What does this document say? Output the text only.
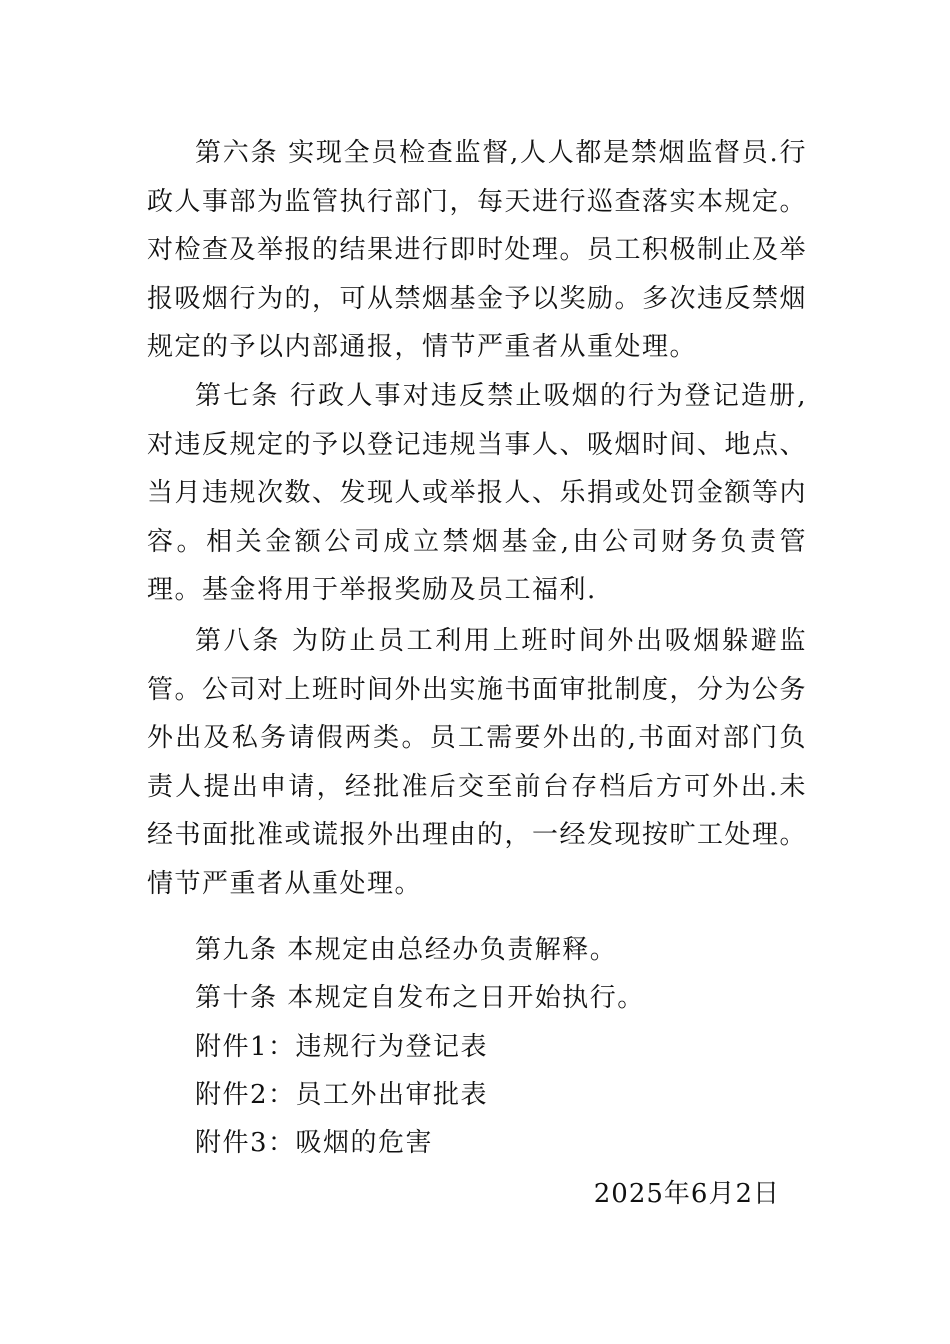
第六条 实现全员检查监督,人人都是禁烟监督员.行政人事部为监管执行部门，每天进行巡查落实本规定。对检查及举报的结果进行即时处理。员工积极制止及举报吸烟行为的，可从禁烟基金予以奖励。多次违反禁烟规定的予以内部通报，情节严重者从重处理。

第七条 行政人事对违反禁止吸烟的行为登记造册,对违反规定的予以登记违规当事人、吸烟时间、地点、当月违规次数、发现人或举报人、乐捐或处罚金额等内容。相关金额公司成立禁烟基金,由公司财务负责管理。基金将用于举报奖励及员工福利.

第八条 为防止员工利用上班时间外出吸烟躲避监管。公司对上班时间外出实施书面审批制度，分为公务外出及私务请假两类。员工需要外出的,书面对部门负责人提出申请，经批准后交至前台存档后方可外出.未经书面批准或谎报外出理由的，一经发现按旷工处理。情节严重者从重处理。

第九条 本规定由总经办负责解释。

第十条 本规定自发布之日开始执行。

附件1：违规行为登记表

附件2：员工外出审批表

附件3：吸烟的危害

2025年6月2日
